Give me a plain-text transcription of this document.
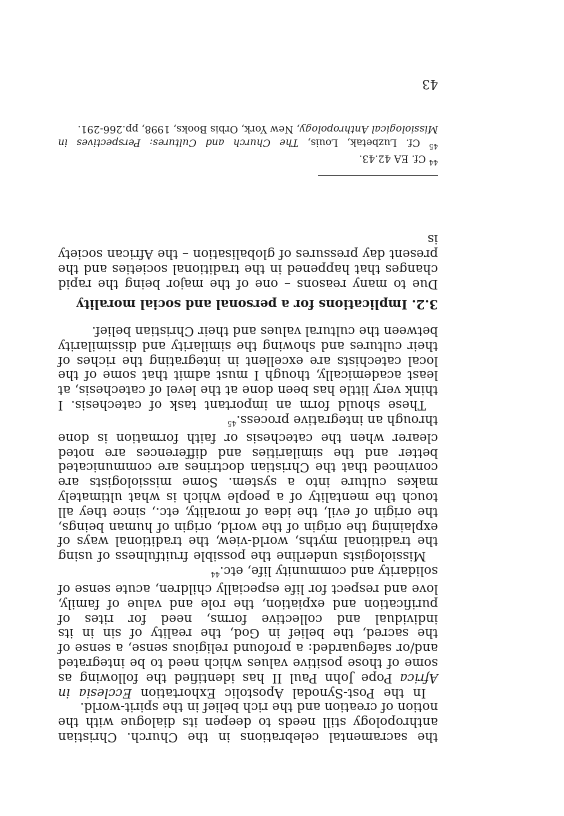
the sacramental celebrations in the Church. Christian anthropology still needs to deepen its dialogue with the notion of creation and the rich belief in the spirit-world.

In the Post-Synodal Apostolic Exhortation Ecclesia in Africa Pope John Paul II has identified the following as some of those positive values which need to be integrated and/or safeguarded: a profound religious sense, a sense of the sacred, the belief in God, the reality of sin in its individual and collective forms, need for rites of purification and expiation, the role and value of family, love and respect for life especially children, acute sense of solidarity and community life, etc.$^{44}$

Missiologists underline the possible fruitfulness of using the traditional myths, world-view, the traditional ways of explaining the origin of the world, origin of human beings, the origin of evil, the idea of morality, etc., since they all touch the mentality of a people which is what ultimately makes culture into a system. Some missiologists are convinced that the Christian doctrines are communicated better and the similarities and differences are noted clearer when the catechesis or faith formation is done through an integrative process.$^{45}$

These should form an important task of catechesis. I think very little has been done at the level of catechesis, at least academically, though I must admit that some of the local catechists are excellent in integrating the riches of their cultures and showing the similarity and dissimilarity between the cultural values and their Christian belief.

3.2. Implications for a personal and social morality

Due to many reasons – one of the major being the rapid changes that happened in the traditional societies and the present day pressures of globalisation – the African society is

$^{44}$ Cf. EA 42.43.

$^{45}$ Cf. Luzbetak, Louis, The Church and Cultures: Perspectives in Missiological Anthropology, New York, Orbis Books, 1998, pp.266-291.

43
